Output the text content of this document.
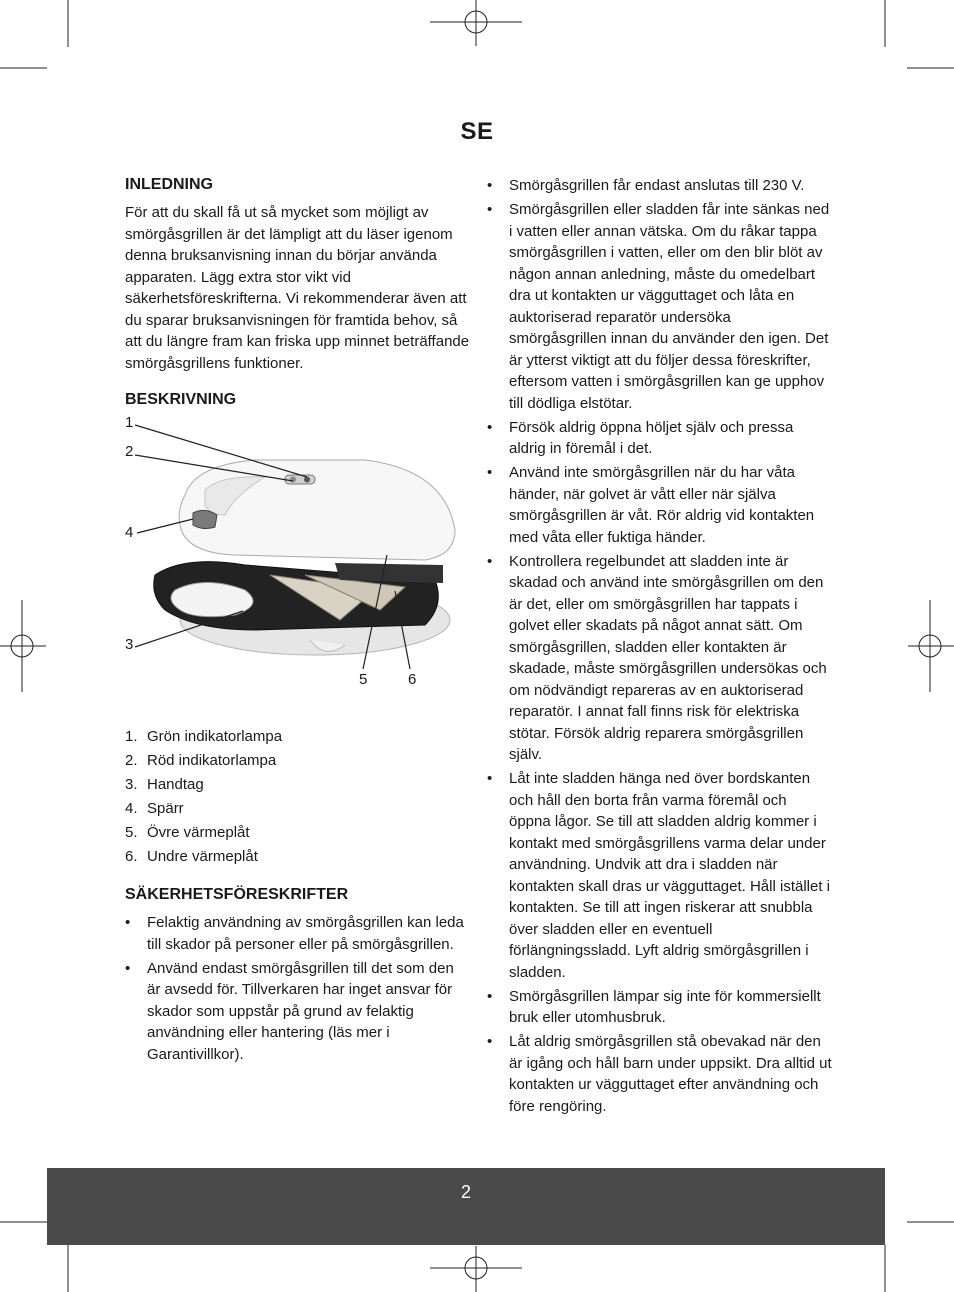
SE
INLEDNING

För att du skall få ut så mycket som möjligt av smörgåsgrillen är det lämpligt att du läser igenom denna bruksanvisning innan du börjar använda apparaten. Lägg extra stor vikt vid säkerhetsföreskrifterna. Vi rekommenderar även att du sparar bruksanvisningen för framtida behov, så att du längre fram kan friska upp minnet beträffande smörgåsgrillens funktioner.

BESKRIVNING
1
2
4
3
5	6
1. Grön indikatorlampa
2. Röd indikatorlampa
3. Handtag
4. Spärr
5. Övre värmeplåt
6. Undre värmeplåt
SÄKERHETSFÖRESKRIFTER
• Felaktig användning av smörgåsgrillen kan leda till skador på personer eller på smörgåsgrillen.
• Använd endast smörgåsgrillen till det som den är avsedd för. Tillverkaren har inget ansvar för skador som uppstår på grund av felaktig användning eller hantering (läs mer i Garantivillkor).
• Smörgåsgrillen får endast anslutas till 230 V.
• Smörgåsgrillen eller sladden får inte sänkas ned i vatten eller annan vätska. Om du råkar tappa smörgåsgrillen i vatten, eller om den blir blöt av någon annan anledning, måste du omedelbart dra ut kontakten ur vägguttaget och låta en auktoriserad reparatör undersöka smörgåsgrillen innan du använder den igen. Det är ytterst viktigt att du följer dessa föreskrifter, eftersom vatten i smörgåsgrillen kan ge upphov till dödliga elstötar.
• Försök aldrig öppna höljet själv och pressa aldrig in föremål i det.
• Använd inte smörgåsgrillen när du har våta händer, när golvet är vått eller när själva smörgåsgrillen är våt. Rör aldrig vid kontakten med våta eller fuktiga händer.
• Kontrollera regelbundet att sladden inte är skadad och använd inte smörgåsgrillen om den är det, eller om smörgåsgrillen har tappats i golvet eller skadats på något annat sätt. Om smörgåsgrillen, sladden eller kontakten är skadade, måste smörgåsgrillen undersökas och om nödvändigt repareras av en auktoriserad reparatör. I annat fall finns risk för elektriska stötar. Försök aldrig reparera smörgåsgrillen själv.
• Låt inte sladden hänga ned över bordskanten och håll den borta från varma föremål och öppna lågor. Se till att sladden aldrig kommer i kontakt med smörgåsgrillens varma delar under användning. Undvik att dra i sladden när kontakten skall dras ur vägguttaget. Håll istället i kontakten. Se till att ingen riskerar att snubbla över sladden eller en eventuell förlängningssladd. Lyft aldrig smörgåsgrillen i sladden.
• Smörgåsgrillen lämpar sig inte för kommersiellt bruk eller utomhusbruk.
• Låt aldrig smörgåsgrillen stå obevakad när den är igång och håll barn under uppsikt. Dra alltid ut kontakten ur vägguttaget efter användning och före rengöring.
2
